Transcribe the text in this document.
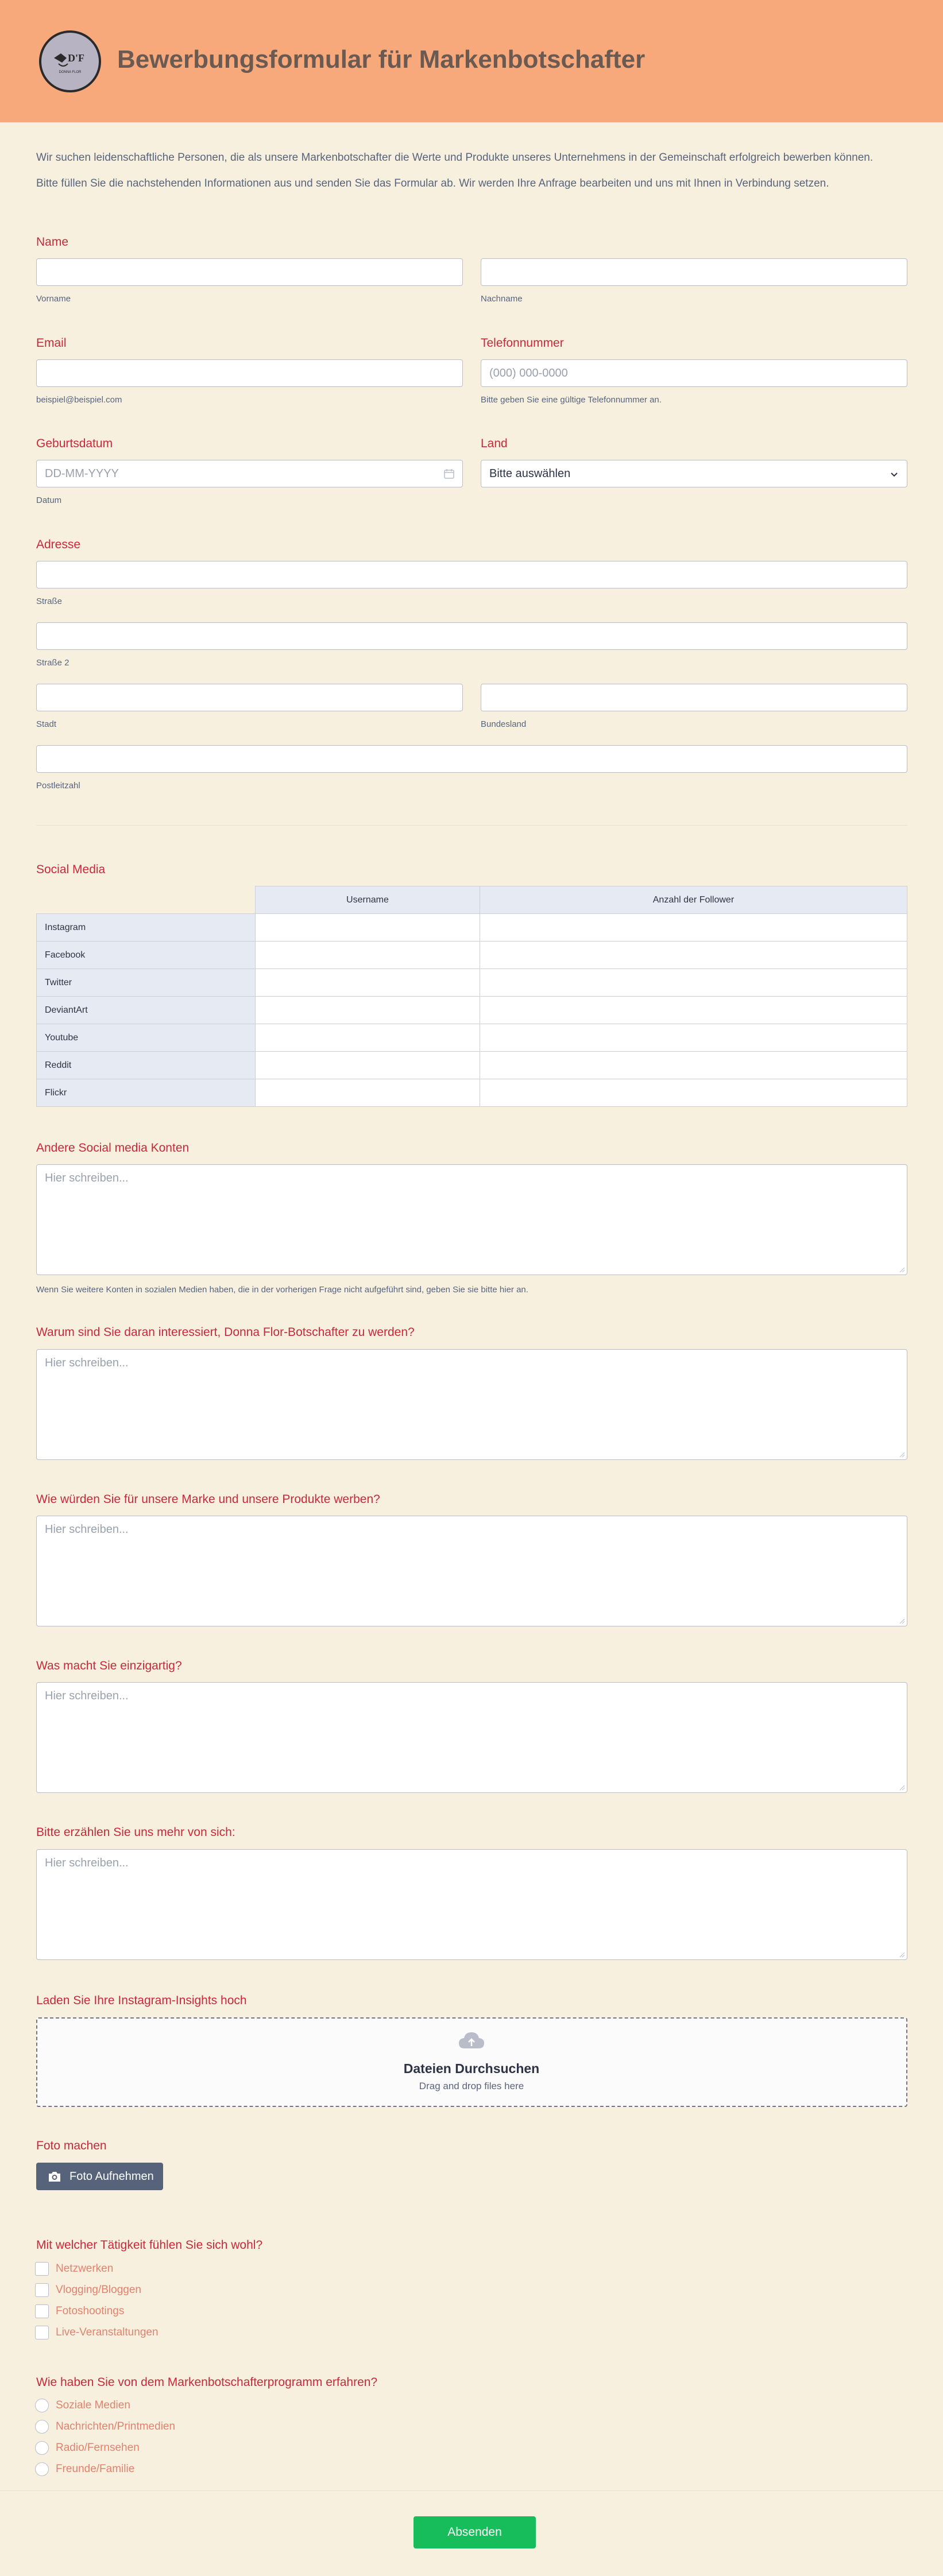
D'F
DONNA FLOR Bewerbungsformular für Markenbotschafter
Wir suchen leidenschaftliche Personen, die als unsere Markenbotschafter die Werte und Produkte unseres Unternehmens in der Gemeinschaft erfolgreich bewerben können.
Bitte füllen Sie die nachstehenden Informationen aus und senden Sie das Formular ab. Wir werden Ihre Anfrage bearbeiten und uns mit Ihnen in Verbindung setzen.
Name
Vorname	Nachname
Email	Telefonnummer
(000) 000-0000
beispiel@beispiel.com	Bitte geben Sie eine gültige Telefonnummer an.
Geburtsdatum	Land
DD-MM-YYYY	Bitte auswählen
Datum
Adresse
Straße
Straße 2
Stadt	Bundesland
Postleitzahl
Social Media
	Username	Anzahl der Follower
Instagram		
Facebook		
Twitter		
DeviantArt		
Youtube		
Reddit		
Flickr		
Andere Social media Konten
Hier schreiben...
Wenn Sie weitere Konten in sozialen Medien haben, die in der vorherigen Frage nicht aufgeführt sind, geben Sie sie bitte hier an.
Warum sind Sie daran interessiert, Donna Flor-Botschafter zu werden?
Hier schreiben...
Wie würden Sie für unsere Marke und unsere Produkte werben?
Hier schreiben...
Was macht Sie einzigartig?
Hier schreiben...
Bitte erzählen Sie uns mehr von sich:
Hier schreiben...
Laden Sie Ihre Instagram-Insights hoch
Dateien Durchsuchen
Drag and drop files here
Foto machen
Foto Aufnehmen
Mit welcher Tätigkeit fühlen Sie sich wohl?
Netzwerken
Vlogging/Bloggen
Fotoshootings
Live-Veranstaltungen
Wie haben Sie von dem Markenbotschafterprogramm erfahren?
Soziale Medien
Nachrichten/Printmedien
Radio/Fernsehen
Freunde/Familie
Absenden
